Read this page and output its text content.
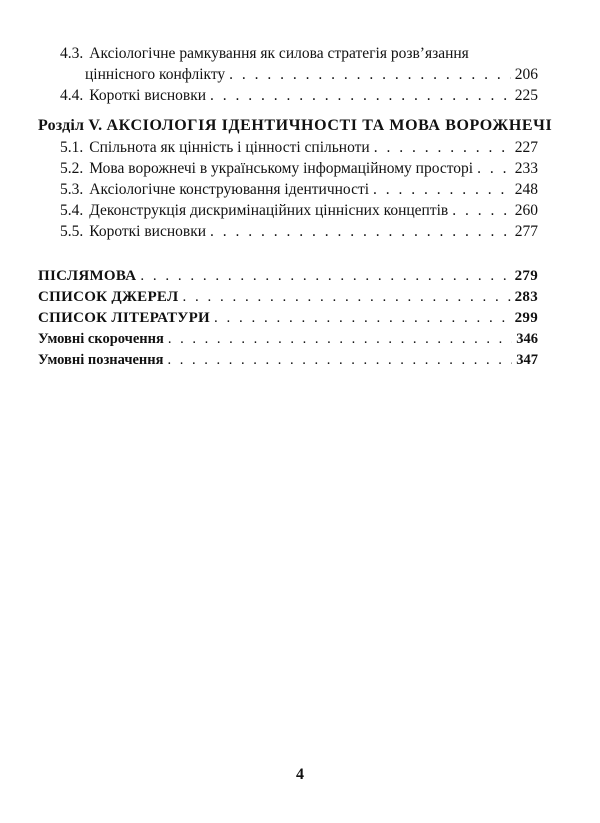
4.3. Аксіологічне рамкування як силова стратегія розв’язання
ціннісного конфлікту . . .	206
4.4. Короткі висновки . . .	225
Розділ V. АКСІОЛОГІЯ ІДЕНТИЧНОСТІ ТА МОВА ВОРОЖНЕЧІ
5.1. Спільнота як цінність і цінності спільноти . . .	227
5.2. Мова ворожнечі в українському інформаційному просторі . . .	233
5.3. Аксіологічне конструювання ідентичності . . .	248
5.4. Деконструкція дискримінаційних ціннісних концептів . . .	260
5.5. Короткі висновки . . .	277
ПІСЛЯМОВА . . .	279
СПИСОК ДЖЕРЕЛ . . .	283
СПИСОК ЛІТЕРАТУРИ . . .	299
Умовні скорочення . . .	346
Умовні позначення . . .	347
4
